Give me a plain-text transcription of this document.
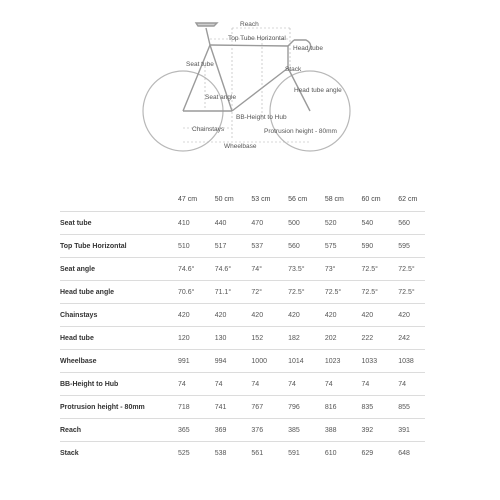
Reach
Top Tube Horizontal
Head tube
Seat tube
Stack
Head tube angle
Seat angle
BB-Height to Hub
Chainstays	Protrusion height - 80mm
Wheelbase
	47 cm	50 cm	53 cm	56 cm	58 cm	60 cm	62 cm
Seat tube	410	440	470	500	520	540	560
Top Tube Horizontal	510	517	537	560	575	590	595
Seat angle	74.6°	74.6°	74°	73.5°	73°	72.5°	72.5°
Head tube angle	70.6°	71.1°	72°	72.5°	72.5°	72.5°	72.5°
Chainstays	420	420	420	420	420	420	420
Head tube	120	130	152	182	202	222	242
Wheelbase	991	994	1000	1014	1023	1033	1038
BB-Height to Hub	74	74	74	74	74	74	74
Protrusion height - 80mm	718	741	767	796	816	835	855
Reach	365	369	376	385	388	392	391
Stack	525	538	561	591	610	629	648
